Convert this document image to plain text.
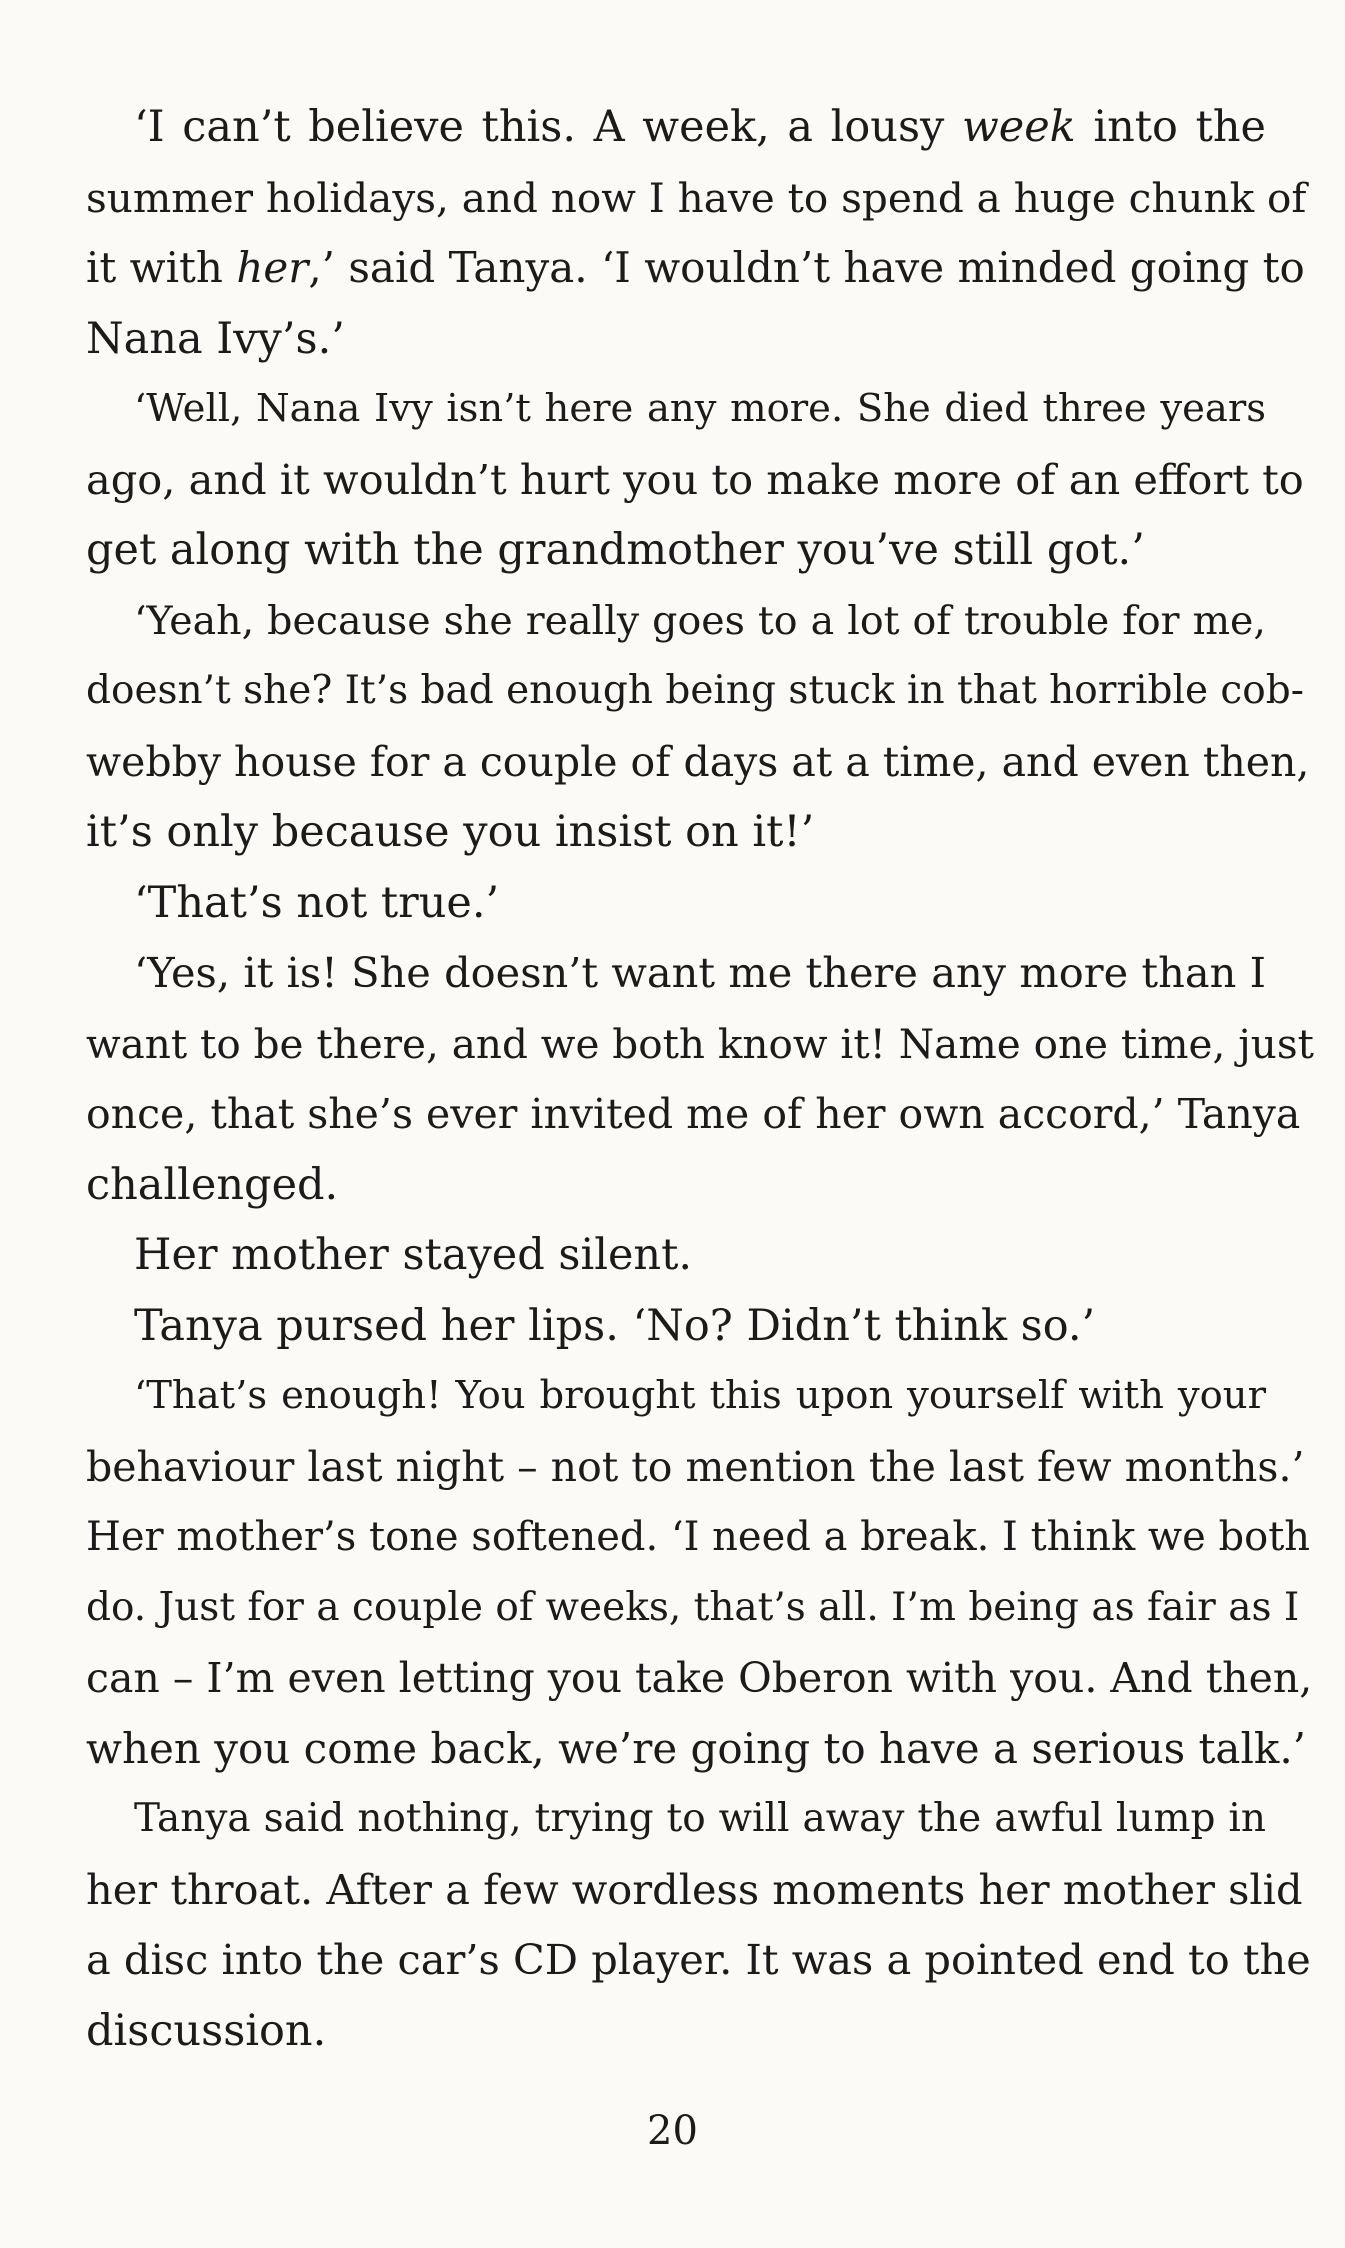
‘I can’t believe this. A week, a lousy week into the
summer holidays, and now I have to spend a huge chunk of
it with her,’ said Tanya. ‘I wouldn’t have minded going to
Nana Ivy’s.’
‘Well, Nana Ivy isn’t here any more. She died three years
ago, and it wouldn’t hurt you to make more of an effort to
get along with the grandmother you’ve still got.’
‘Yeah, because she really goes to a lot of trouble for me,
doesn’t she? It’s bad enough being stuck in that horrible cob-
webby house for a couple of days at a time, and even then,
it’s only because you insist on it!’
‘That’s not true.’
‘Yes, it is! She doesn’t want me there any more than I
want to be there, and we both know it! Name one time, just
once, that she’s ever invited me of her own accord,’ Tanya
challenged.
Her mother stayed silent.
Tanya pursed her lips. ‘No? Didn’t think so.’
‘That’s enough! You brought this upon yourself with your
behaviour last night – not to mention the last few months.’
Her mother’s tone softened. ‘I need a break. I think we both
do. Just for a couple of weeks, that’s all. I’m being as fair as I
can – I’m even letting you take Oberon with you. And then,
when you come back, we’re going to have a serious talk.’
Tanya said nothing, trying to will away the awful lump in
her throat. After a few wordless moments her mother slid
a disc into the car’s CD player. It was a pointed end to the
discussion.
20
